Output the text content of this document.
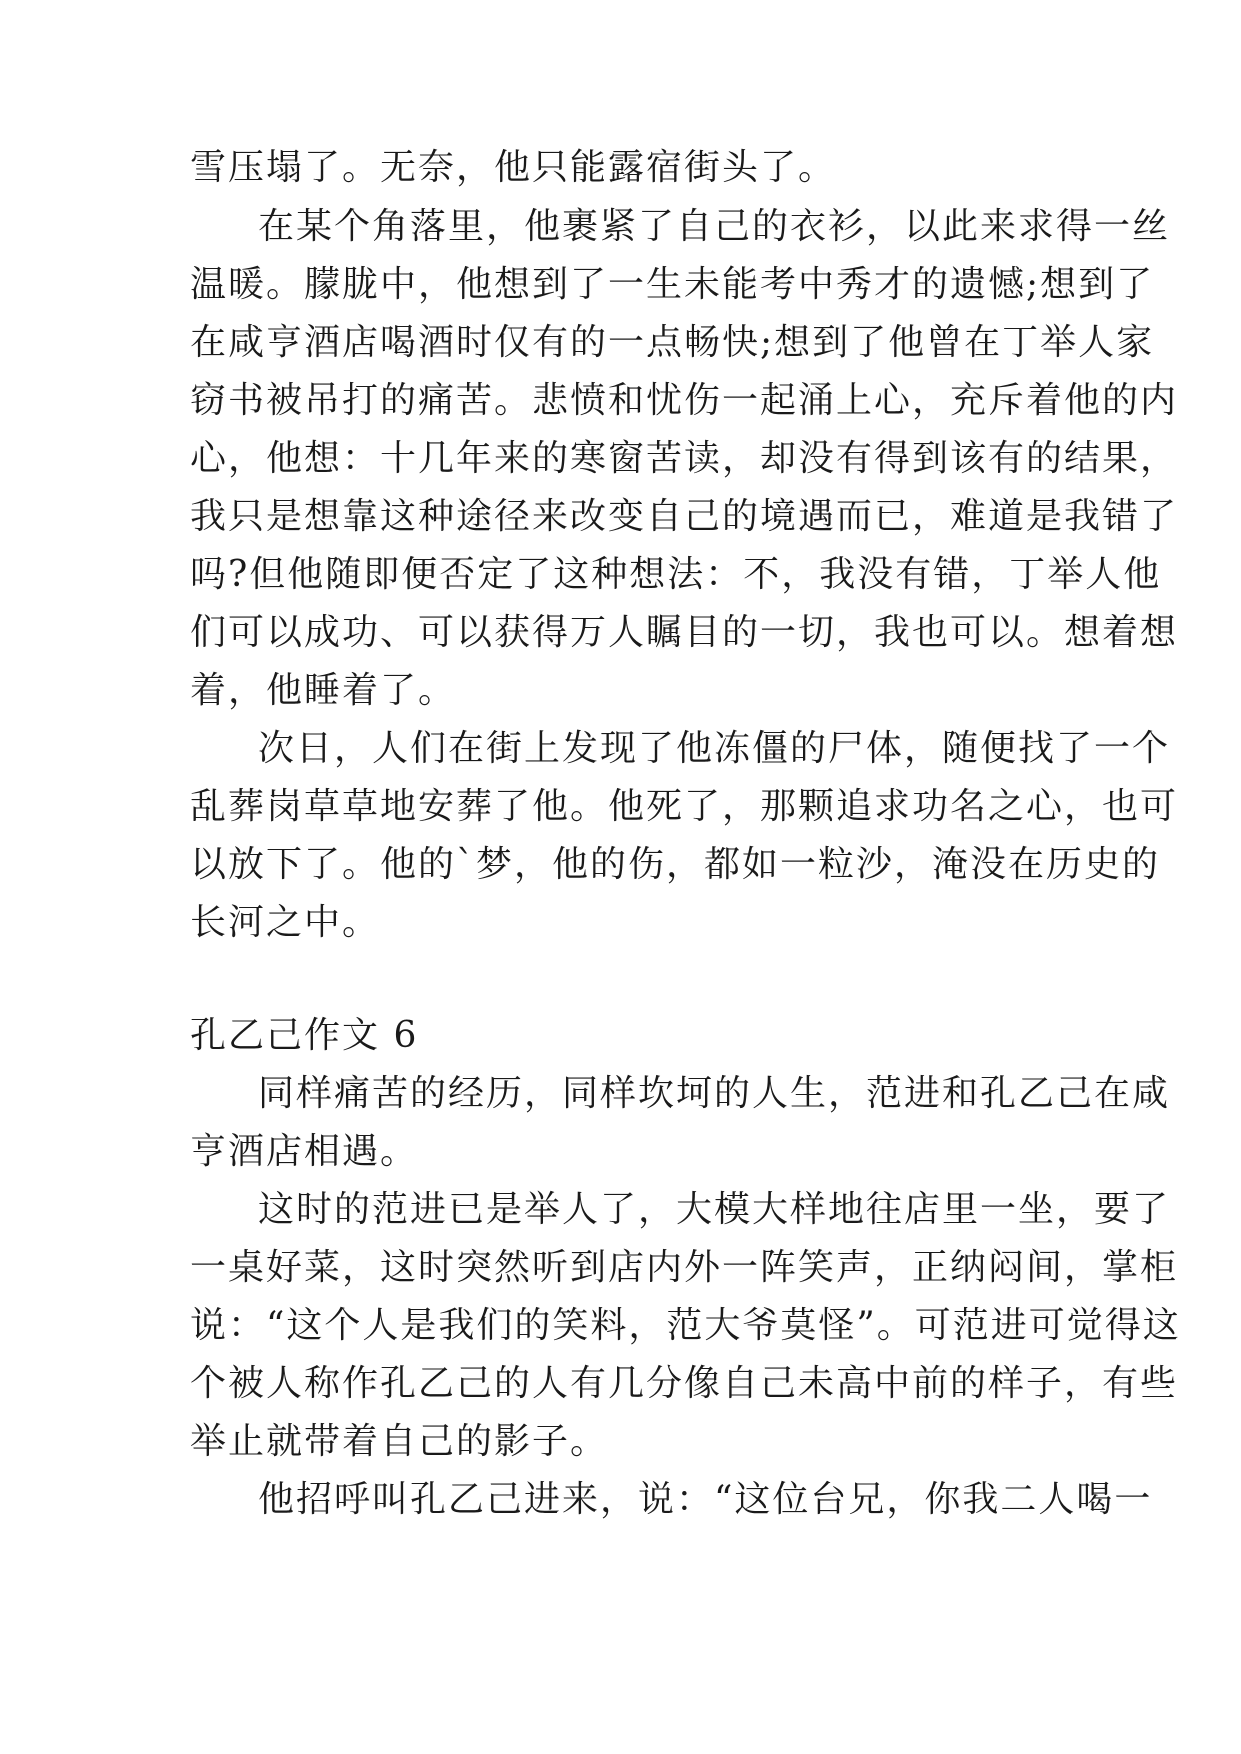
雪压塌了。无奈，他只能露宿街头了。
在某个角落里，他裹紧了自己的衣衫，以此来求得一丝
温暖。朦胧中，他想到了一生未能考中秀才的遗憾;想到了
在咸亨酒店喝酒时仅有的一点畅快;想到了他曾在丁举人家
窃书被吊打的痛苦。悲愤和忧伤一起涌上心，充斥着他的内
心，他想：十几年来的寒窗苦读，却没有得到该有的结果，
我只是想靠这种途径来改变自己的境遇而已，难道是我错了
吗?但他随即便否定了这种想法：不，我没有错，丁举人他
们可以成功、可以获得万人瞩目的一切，我也可以。想着想
着，他睡着了。
次日，人们在街上发现了他冻僵的尸体，随便找了一个
乱葬岗草草地安葬了他。他死了，那颗追求功名之心，也可
以放下了。他的`梦，他的伤，都如一粒沙，淹没在历史的
长河之中。
孔乙己作文 6
同样痛苦的经历，同样坎坷的人生，范进和孔乙己在咸
亨酒店相遇。
这时的范进已是举人了，大模大样地往店里一坐，要了
一桌好菜，这时突然听到店内外一阵笑声，正纳闷间，掌柜
说：“这个人是我们的笑料，范大爷莫怪”。可范进可觉得这
个被人称作孔乙己的人有几分像自己未高中前的样子，有些
举止就带着自己的影子。
他招呼叫孔乙己进来，说：“这位台兄，你我二人喝一
